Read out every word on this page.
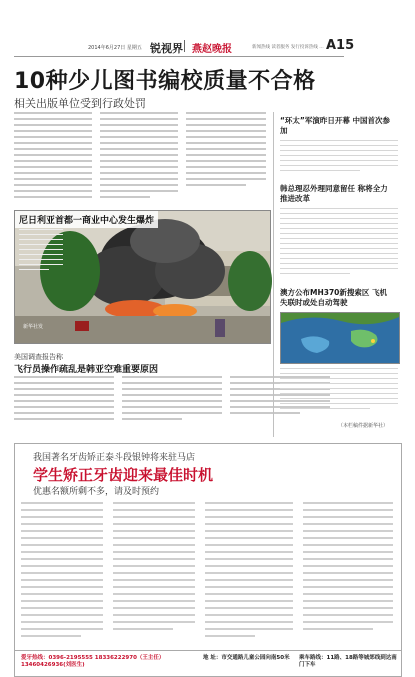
2014年6月27日 星期五 锐视界 燕赵晚报	新闻热线 读者服务 发行投诉热线 … A15
10种少儿图书编校质量不合格
相关出版单位受到行政处罚
尼日利亚首都一商业中心发生爆炸
新华社发
美国调查报告称
飞行员操作疏乱是韩亚空难重要原因
“环太”军演昨日开幕 中国首次参加
韩总理忍外理同意留任 称将全力推进改革
澳方公布MH370新搜索区 飞机失联时或处自动驾驶
（本栏稿件据新华社）
我国著名牙齿矫正泰斗段银钟将来驻马店
学生矫正牙齿迎来最佳时机
优惠名额所剩不多，请及时预约
爱牙热线：0396-2195555 18336222970（王主任） 13460426936(刘医生)
地 址：市交通路儿童公园向南50米	乘车路线：11路、18路等城郊线到达南门下车
